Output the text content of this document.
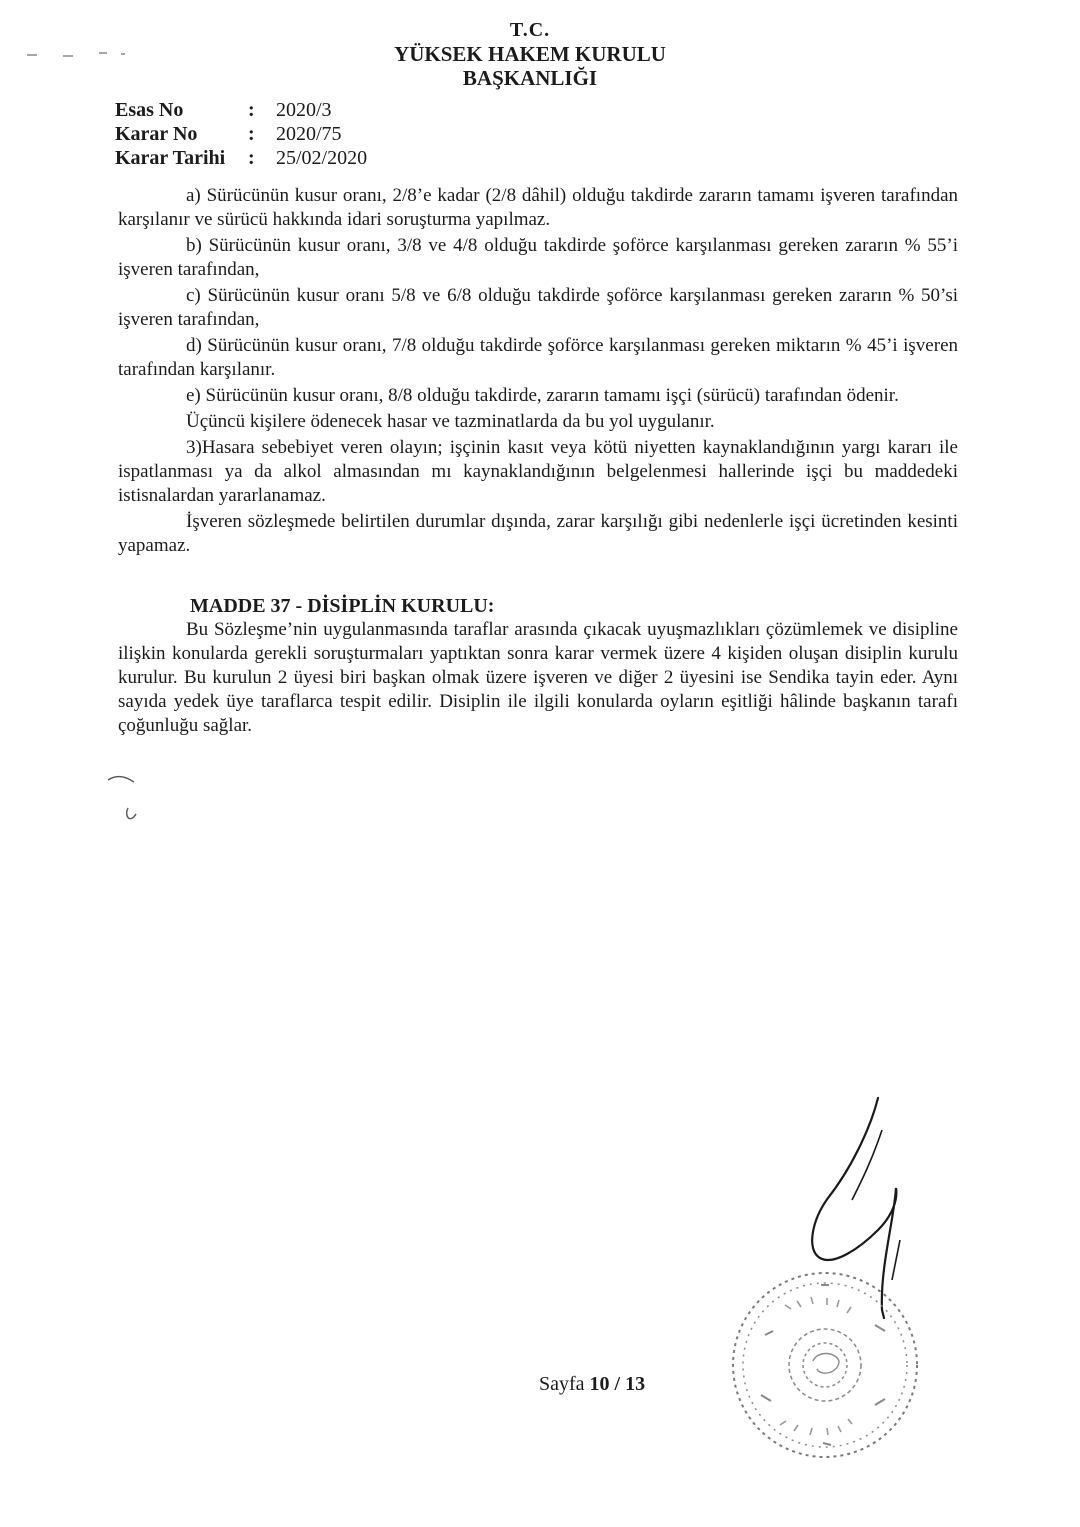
T.C.
YÜKSEK HAKEM KURULU
BAŞKANLIĞI
Esas No	:	2020/3
Karar No	:	2020/75
Karar Tarihi	:	25/02/2020
a) Sürücünün kusur oranı, 2/8’e kadar (2/8 dâhil) olduğu takdirde zararın tamamı işveren tarafından karşılanır ve sürücü hakkında idari soruşturma yapılmaz.
b) Sürücünün kusur oranı, 3/8 ve 4/8 olduğu takdirde şoförce karşılanması gereken zararın % 55’i işveren tarafından,
c) Sürücünün kusur oranı 5/8 ve 6/8 olduğu takdirde şoförce karşılanması gereken zararın % 50’si işveren tarafından,
d) Sürücünün kusur oranı, 7/8 olduğu takdirde şoförce karşılanması gereken miktarın % 45’i işveren tarafından karşılanır.
e) Sürücünün kusur oranı, 8/8 olduğu takdirde, zararın tamamı işçi (sürücü) tarafından ödenir.
Üçüncü kişilere ödenecek hasar ve tazminatlarda da bu yol uygulanır.
3)Hasara sebebiyet veren olayın; işçinin kasıt veya kötü niyetten kaynaklandığının yargı kararı ile ispatlanması ya da alkol almasından mı kaynaklandığının belgelenmesi hallerinde işçi bu maddedeki istisnalardan yararlanamaz.
İşveren sözleşmede belirtilen durumlar dışında, zarar karşılığı gibi nedenlerle işçi ücretinden kesinti yapamaz.
MADDE 37 - DİSİPLİN KURULU:
Bu Sözleşme’nin uygulanmasında taraflar arasında çıkacak uyuşmazlıkları çözümlemek ve disipline ilişkin konularda gerekli soruşturmaları yaptıktan sonra karar vermek üzere 4 kişiden oluşan disiplin kurulu kurulur. Bu kurulun 2 üyesi biri başkan olmak üzere işveren ve diğer 2 üyesini ise Sendika tayin eder. Aynı sayıda yedek üye taraflarca tespit edilir. Disiplin ile ilgili konularda oyların eşitliği hâlinde başkanın tarafı çoğunluğu sağlar.
Sayfa 10 / 13
